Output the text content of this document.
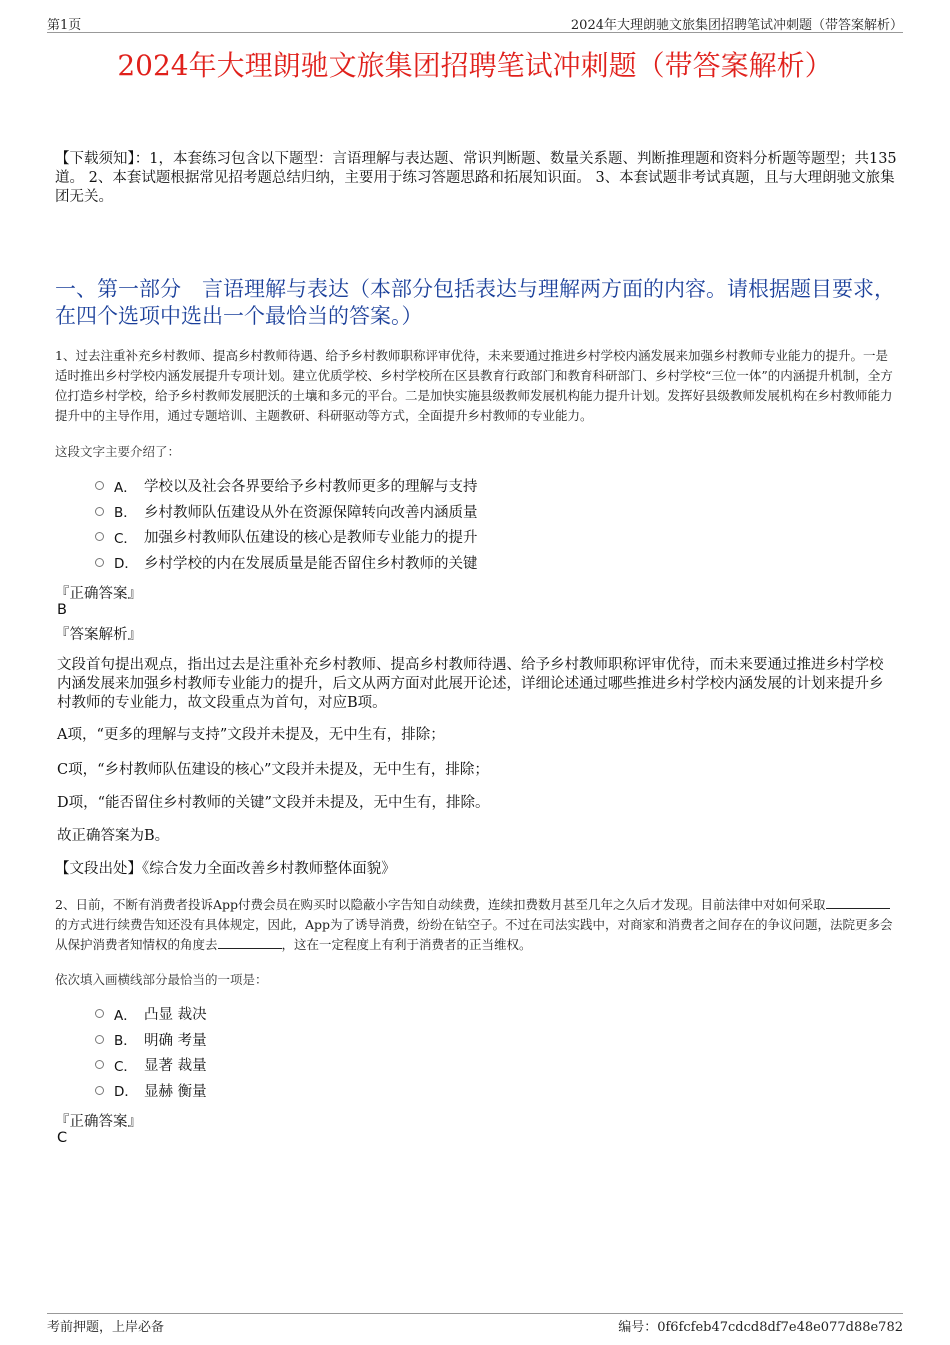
第1页	2024年大理朗驰文旅集团招聘笔试冲刺题（带答案解析）
2024年大理朗驰文旅集团招聘笔试冲刺题（带答案解析）
【下载须知】：1，本套练习包含以下题型：言语理解与表达题、常识判断题、数量关系题、判断推理题和资料分析题等题型；共135道。 2、本套试题根据常见招考题总结归纳，主要用于练习答题思路和拓展知识面。 3、本套试题非考试真题，且与大理朗驰文旅集团无关。
一、第一部分　言语理解与表达（本部分包括表达与理解两方面的内容。请根据题目要求，在四个选项中选出一个最恰当的答案。）
1、过去注重补充乡村教师、提高乡村教师待遇、给予乡村教师职称评审优待，未来要通过推进乡村学校内涵发展来加强乡村教师专业能力的提升。一是适时推出乡村学校内涵发展提升专项计划。建立优质学校、乡村学校所在区县教育行政部门和教育科研部门、乡村学校“三位一体”的内涵提升机制，全方位打造乡村学校，给予乡村教师发展肥沃的土壤和多元的平台。二是加快实施县级教师发展机构能力提升计划。发挥好县级教师发展机构在乡村教师能力提升中的主导作用，通过专题培训、主题教研、科研驱动等方式，全面提升乡村教师的专业能力。
这段文字主要介绍了：
A． 学校以及社会各界要给予乡村教师更多的理解与支持
B． 乡村教师队伍建设从外在资源保障转向改善内涵质量
C． 加强乡村教师队伍建设的核心是教师专业能力的提升
D． 乡村学校的内在发展质量是能否留住乡村教师的关键
『正确答案』
B
『答案解析』
文段首句提出观点，指出过去是注重补充乡村教师、提高乡村教师待遇、给予乡村教师职称评审优待，而未来要通过推进乡村学校内涵发展来加强乡村教师专业能力的提升，后文从两方面对此展开论述，详细论述通过哪些推进乡村学校内涵发展的计划来提升乡村教师的专业能力，故文段重点为首句，对应B项。
A项，“更多的理解与支持”文段并未提及，无中生有，排除；
C项，“乡村教师队伍建设的核心”文段并未提及，无中生有，排除；
D项，“能否留住乡村教师的关键”文段并未提及，无中生有，排除。
故正确答案为B。
【文段出处】《综合发力全面改善乡村教师整体面貌》
2、日前，不断有消费者投诉App付费会员在购买时以隐蔽小字告知自动续费，连续扣费数月甚至几年之久后才发现。目前法律中对如何采取的方式进行续费告知还没有具体规定，因此，App为了诱导消费，纷纷在钻空子。不过在司法实践中，对商家和消费者之间存在的争议问题，法院更多会从保护消费者知情权的角度去	，这在一定程度上有利于消费者的正当维权。
依次填入画横线部分最恰当的一项是：
A． 凸显 裁决
B． 明确 考量
C． 显著 裁量
D． 显赫 衡量
『正确答案』
C
考前押题，上岸必备	编号：0f6fcfeb47cdcd8df7e48e077d88e782
